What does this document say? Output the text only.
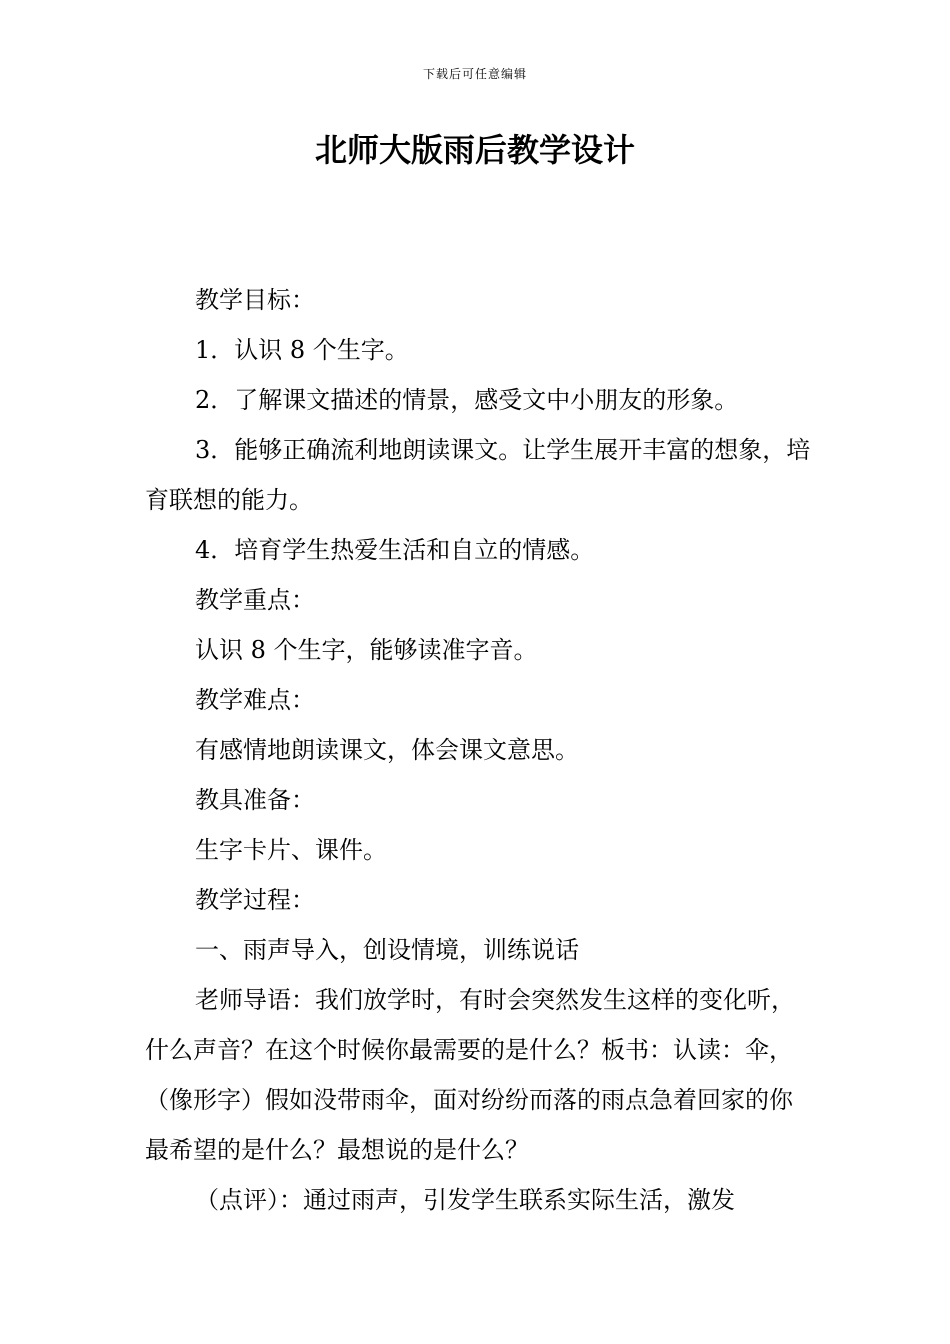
下载后可任意编辑
北师大版雨后教学设计

教学目标：

1．认识 8 个生字。

2．了解课文描述的情景，感受文中小朋友的形象。

3．能够正确流利地朗读课文。让学生展开丰富的想象，培育联想的能力。

4．培育学生热爱生活和自立的情感。

教学重点：

认识 8 个生字，能够读准字音。

教学难点：

有感情地朗读课文，体会课文意思。

教具准备：

生字卡片、课件。

教学过程：

一、雨声导入，创设情境，训练说话

老师导语：我们放学时，有时会突然发生这样的变化听，什么声音？在这个时候你最需要的是什么？板书：认读：伞，（像形字）假如没带雨伞，面对纷纷而落的雨点急着回家的你最希望的是什么？最想说的是什么？

（点评）：通过雨声，引发学生联系实际生活，激发
